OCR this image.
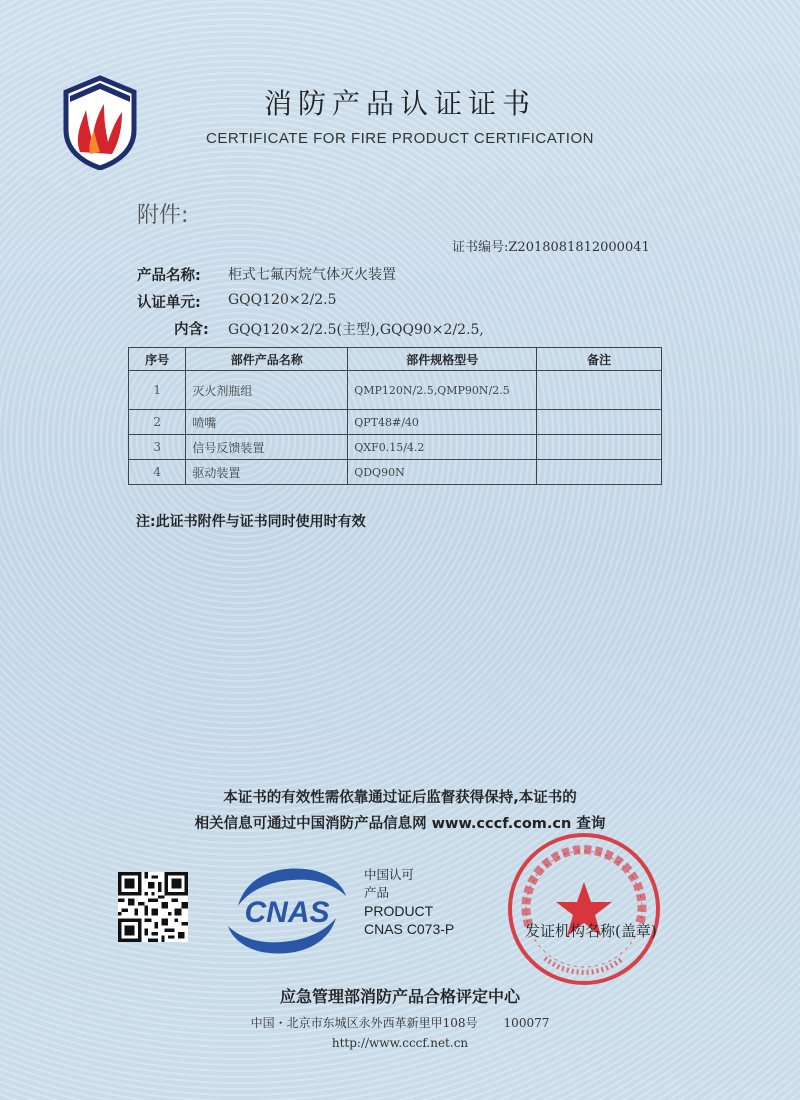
消防产品认证证书
CERTIFICATE FOR FIRE PRODUCT CERTIFICATION
附件:
证书编号:Z2018081812000041
产品名称: 柜式七氟丙烷气体灭火装置
认证单元: GQQ120×2/2.5
内含: GQQ120×2/2.5(主型),GQQ90×2/2.5,
序号	部件产品名称	部件规格型号	备注
1	灭火剂瓶组	QMP120N/2.5,QMP90N/2.5	
2	喷嘴	QPT48#/40	
3	信号反馈装置	QXF0.15/4.2	
4	驱动装置	QDQ90N	
注:此证书附件与证书同时使用时有效
本证书的有效性需依靠通过证后监督获得保持,本证书的
相关信息可通过中国消防产品信息网 www.cccf.com.cn 查询
CNAS
中国认可
产品
PRODUCT
CNAS C073-P	发证机构名称(盖章)
应急管理部消防产品合格评定中心
中国・北京市东城区永外西革新里甲108号 100077
http://www.cccf.net.cn
